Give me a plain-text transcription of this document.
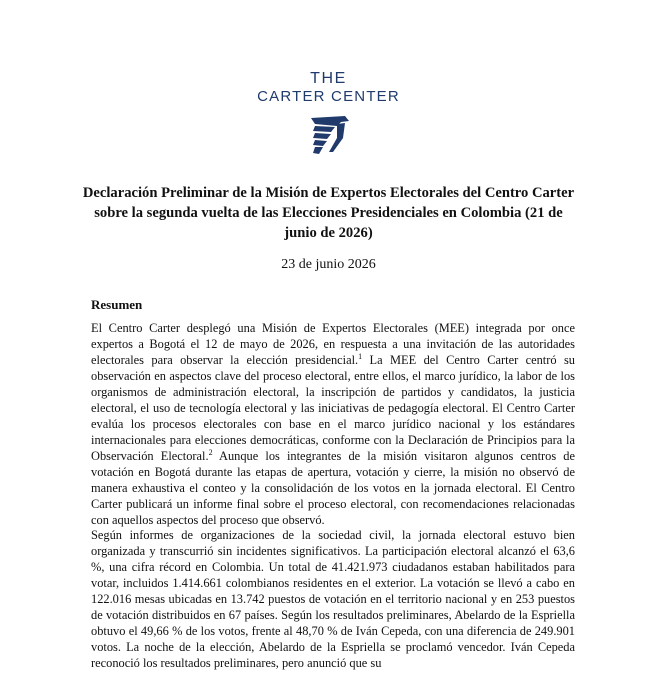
THE
CARTER CENTER
Declaración Preliminar de la Misión de Expertos Electorales del Centro Carter sobre la segunda vuelta de las Elecciones Presidenciales en Colombia (21 de junio de 2026)
23 de junio 2026
Resumen

El Centro Carter desplegó una Misión de Expertos Electorales (MEE) integrada por once expertos a Bogotá el 12 de mayo de 2026, en respuesta a una invitación de las autoridades electorales para observar la elección presidencial.$^1$ La MEE del Centro Carter centró su observación en aspectos clave del proceso electoral, entre ellos, el marco jurídico, la labor de los organismos de administración electoral, la inscripción de partidos y candidatos, la justicia electoral, el uso de tecnología electoral y las iniciativas de pedagogía electoral. El Centro Carter evalúa los procesos electorales con base en el marco jurídico nacional y los estándares internacionales para elecciones democráticas, conforme con la Declaración de Principios para la Observación Electoral.$^2$ Aunque los integrantes de la misión visitaron algunos centros de votación en Bogotá durante las etapas de apertura, votación y cierre, la misión no observó de manera exhaustiva el conteo y la consolidación de los votos en la jornada electoral. El Centro Carter publicará un informe final sobre el proceso electoral, con recomendaciones relacionadas con aquellos aspectos del proceso que observó.

Según informes de organizaciones de la sociedad civil, la jornada electoral estuvo bien organizada y transcurrió sin incidentes significativos. La participación electoral alcanzó el 63,6 %, una cifra récord en Colombia. Un total de 41.421.973 ciudadanos estaban habilitados para votar, incluidos 1.414.661 colombianos residentes en el exterior. La votación se llevó a cabo en 122.016 mesas ubicadas en 13.742 puestos de votación en el territorio nacional y en 253 puestos de votación distribuidos en 67 países. Según los resultados preliminares, Abelardo de la Espriella obtuvo el 49,66 % de los votos, frente al 48,70 % de Iván Cepeda, con una diferencia de 249.901 votos. La noche de la elección, Abelardo de la Espriella se proclamó vencedor. Iván Cepeda reconoció los resultados preliminares, pero anunció que su
